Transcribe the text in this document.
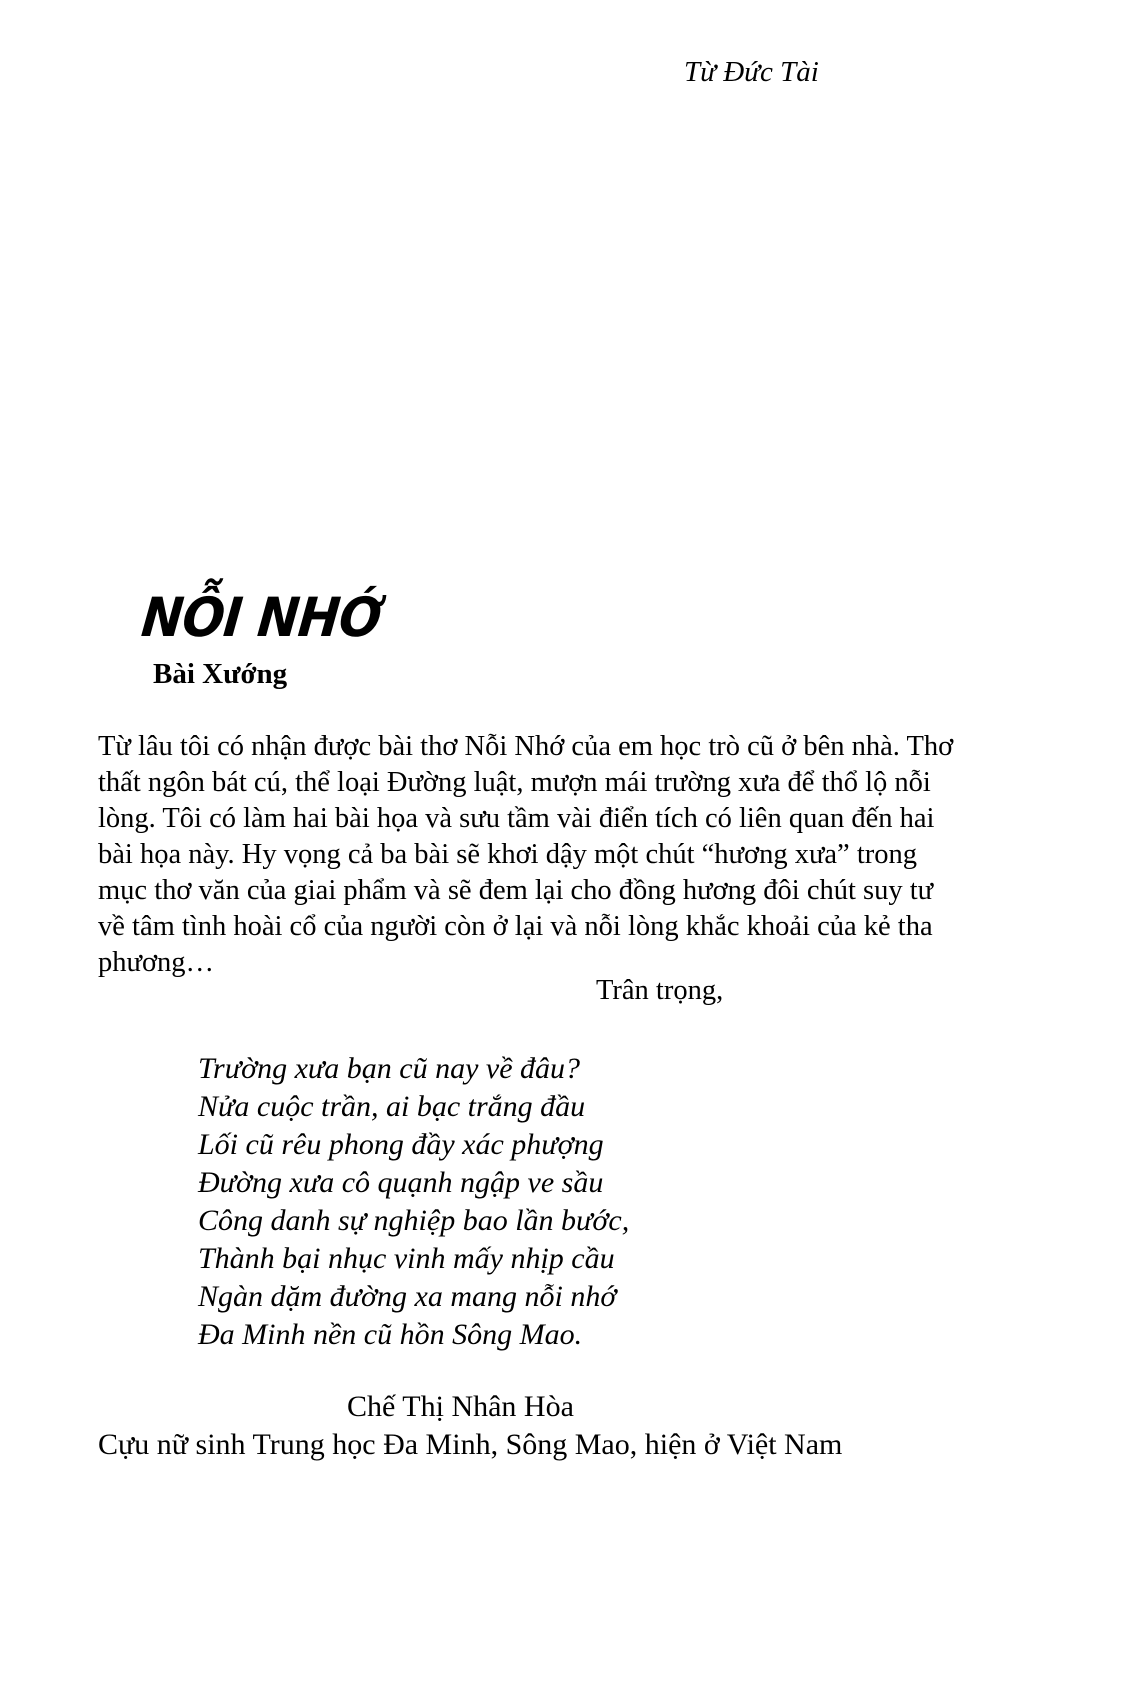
Từ Đức Tài
NỖI NHỚ
Bài Xướng
Từ lâu tôi có nhận được bài thơ Nỗi Nhớ của em học trò cũ ở bên nhà. Thơ
thất ngôn bát cú, thể loại Đường luật, mượn mái trường xưa để thổ lộ nỗi
lòng. Tôi có làm hai bài họa và sưu tầm vài điển tích có liên quan đến hai
bài họa này. Hy vọng cả ba bài sẽ khơi dậy một chút “hương xưa” trong
mục thơ văn của giai phẩm và sẽ đem lại cho đồng hương đôi chút suy tư
về tâm tình hoài cổ của người còn ở lại và nỗi lòng khắc khoải của kẻ tha
phương…
Trân trọng,
Trường xưa bạn cũ nay về đâu?
Nửa cuộc trần, ai bạc trắng đầu
Lối cũ rêu phong đầy xác phượng
Đường xưa cô quạnh ngập ve sầu
Công danh sự nghiệp bao lần bước,
Thành bại nhục vinh mấy nhịp cầu
Ngàn dặm đường xa mang nỗi nhớ
Đa Minh nền cũ hồn Sông Mao.
Chế Thị Nhân Hòa
Cựu nữ sinh Trung học Đa Minh, Sông Mao, hiện ở Việt Nam
